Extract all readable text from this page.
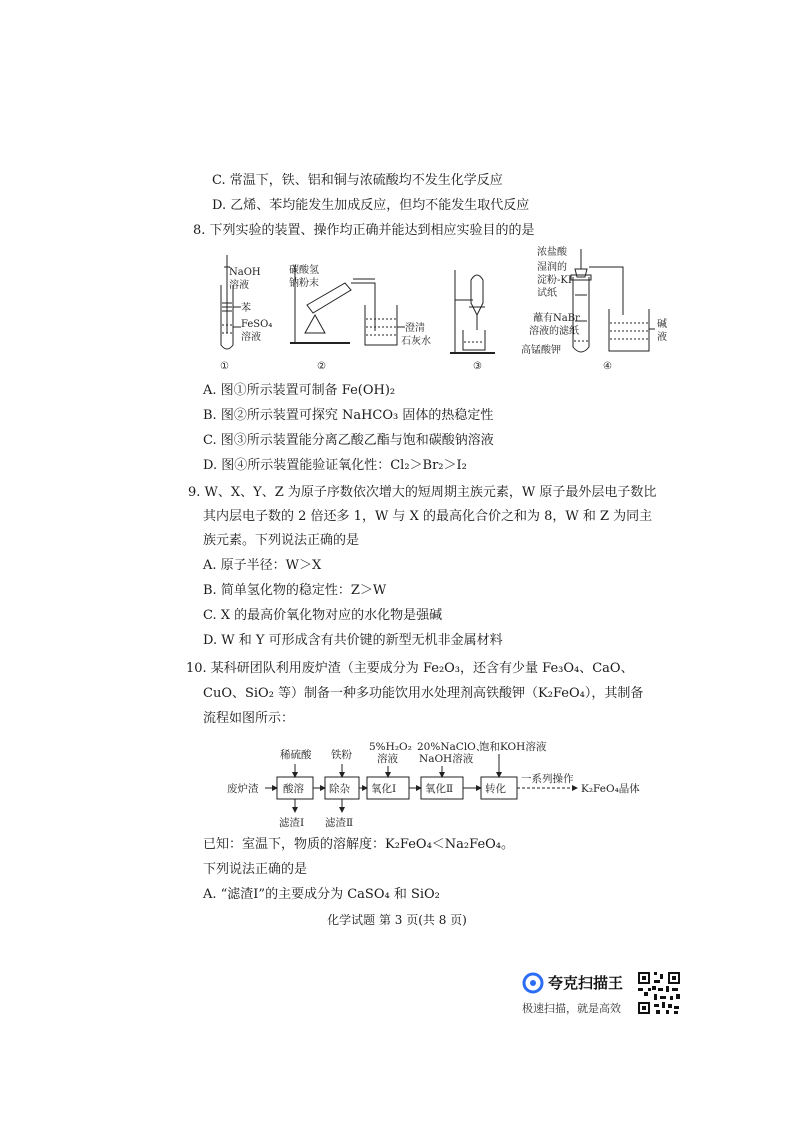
C. 常温下，铁、铝和铜与浓硫酸均不发生化学反应
D. 乙烯、苯均能发生加成反应，但均不能发生取代反应
8. 下列实验的装置、操作均正确并能达到相应实验目的的是
NaOH
溶液
苯
FeSO₄
溶液
①
碳酸氢
钠粉末
澄清
石灰水
②	③
浓盐酸
湿润的
淀粉-KI
试纸
蘸有NaBr
溶液的滤纸
高锰酸钾
碱
液
④
A. 图①所示装置可制备 Fe(OH)₂
B. 图②所示装置可探究 NaHCO₃ 固体的热稳定性
C. 图③所示装置能分离乙酸乙酯与饱和碳酸钠溶液
D. 图④所示装置能验证氧化性：Cl₂＞Br₂＞I₂
9. W、X、Y、Z 为原子序数依次增大的短周期主族元素，W 原子最外层电子数比
其内层电子数的 2 倍还多 1，W 与 X 的最高化合价之和为 8，W 和 Z 为同主
族元素。下列说法正确的是
A. 原子半径：W＞X
B. 简单氢化物的稳定性：Z＞W
C. X 的最高价氧化物对应的水化物是强碱
D. W 和 Y 可形成含有共价键的新型无机非金属材料
10. 某科研团队利用废炉渣（主要成分为 Fe₂O₃，还含有少量 Fe₃O₄、CaO、
CuO、SiO₂ 等）制备一种多功能饮用水处理剂高铁酸钾（K₂FeO₄），其制备
流程如图所示：
废炉渣 酸溶 除杂 氧化Ⅰ	氧化Ⅱ	转化
稀硫酸 铁粉
5%H₂O₂
溶液
20%NaClO、
NaOH溶液
饱和KOH溶液
一系列操作
K₂FeO₄晶体
滤渣Ⅰ 滤渣Ⅱ
已知：室温下，物质的溶解度：K₂FeO₄＜Na₂FeO₄。
下列说法正确的是
A. “滤渣Ⅰ”的主要成分为 CaSO₄ 和 SiO₂
化学试题 第 3 页(共 8 页)
夸克扫描王
极速扫描，就是高效
